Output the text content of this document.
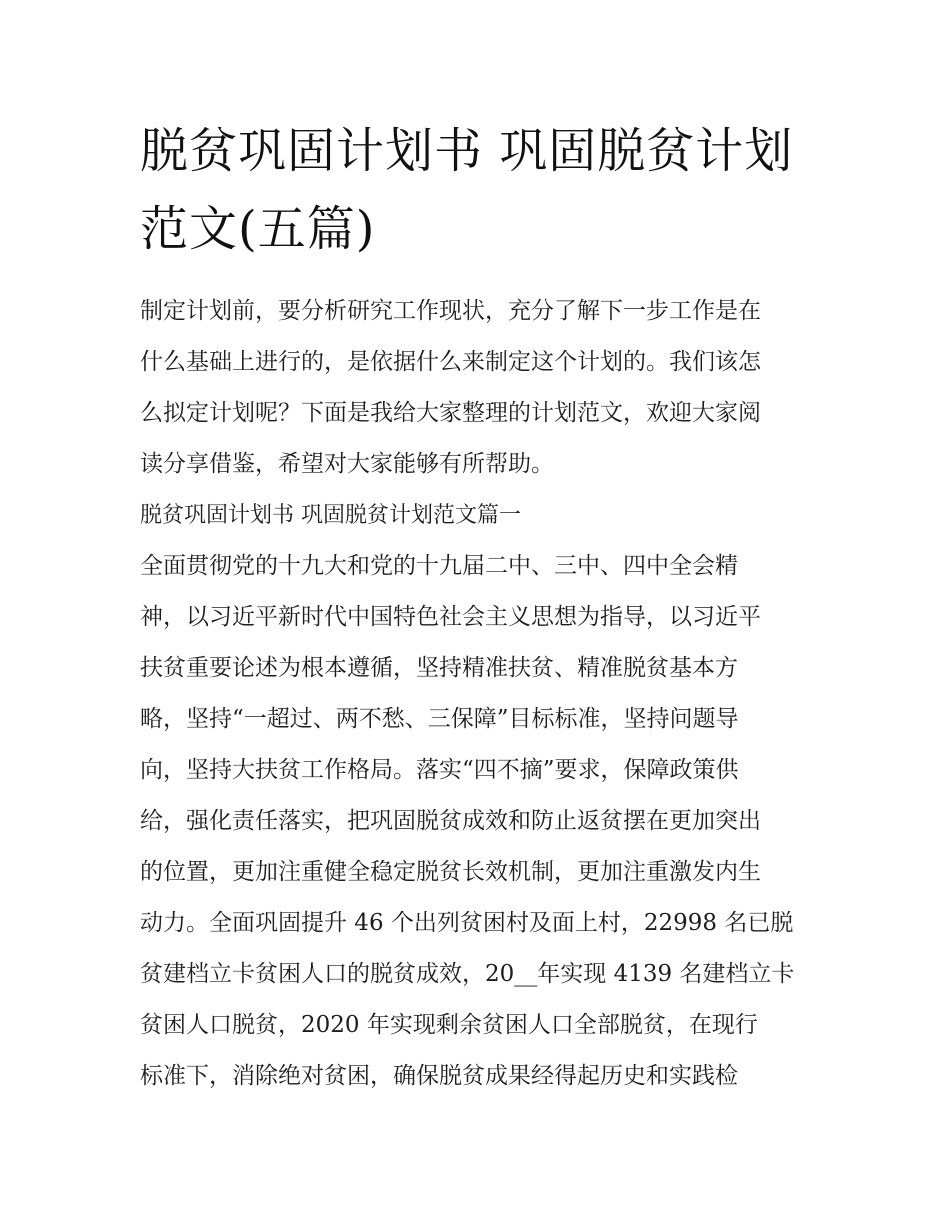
脱贫巩固计划书 巩固脱贫计划
范文(五篇)

制定计划前，要分析研究工作现状，充分了解下一步工作是在
什么基础上进行的，是依据什么来制定这个计划的。我们该怎
么拟定计划呢？下面是我给大家整理的计划范文，欢迎大家阅
读分享借鉴，希望对大家能够有所帮助。

脱贫巩固计划书 巩固脱贫计划范文篇一

全面贯彻党的十九大和党的十九届二中、三中、四中全会精
神，以习近平新时代中国特色社会主义思想为指导，以习近平
扶贫重要论述为根本遵循，坚持精准扶贫、精准脱贫基本方
略，坚持“一超过、两不愁、三保障”目标标准，坚持问题导
向，坚持大扶贫工作格局。落实“四不摘”要求，保障政策供
给，强化责任落实，把巩固脱贫成效和防止返贫摆在更加突出
的位置，更加注重健全稳定脱贫长效机制，更加注重激发内生
动力。全面巩固提升 46 个出列贫困村及面上村，22998 名已脱
贫建档立卡贫困人口的脱贫成效，20__年实现 4139 名建档立卡
贫困人口脱贫，2020 年实现剩余贫困人口全部脱贫，在现行
标准下，消除绝对贫困，确保脱贫成果经得起历史和实践检
